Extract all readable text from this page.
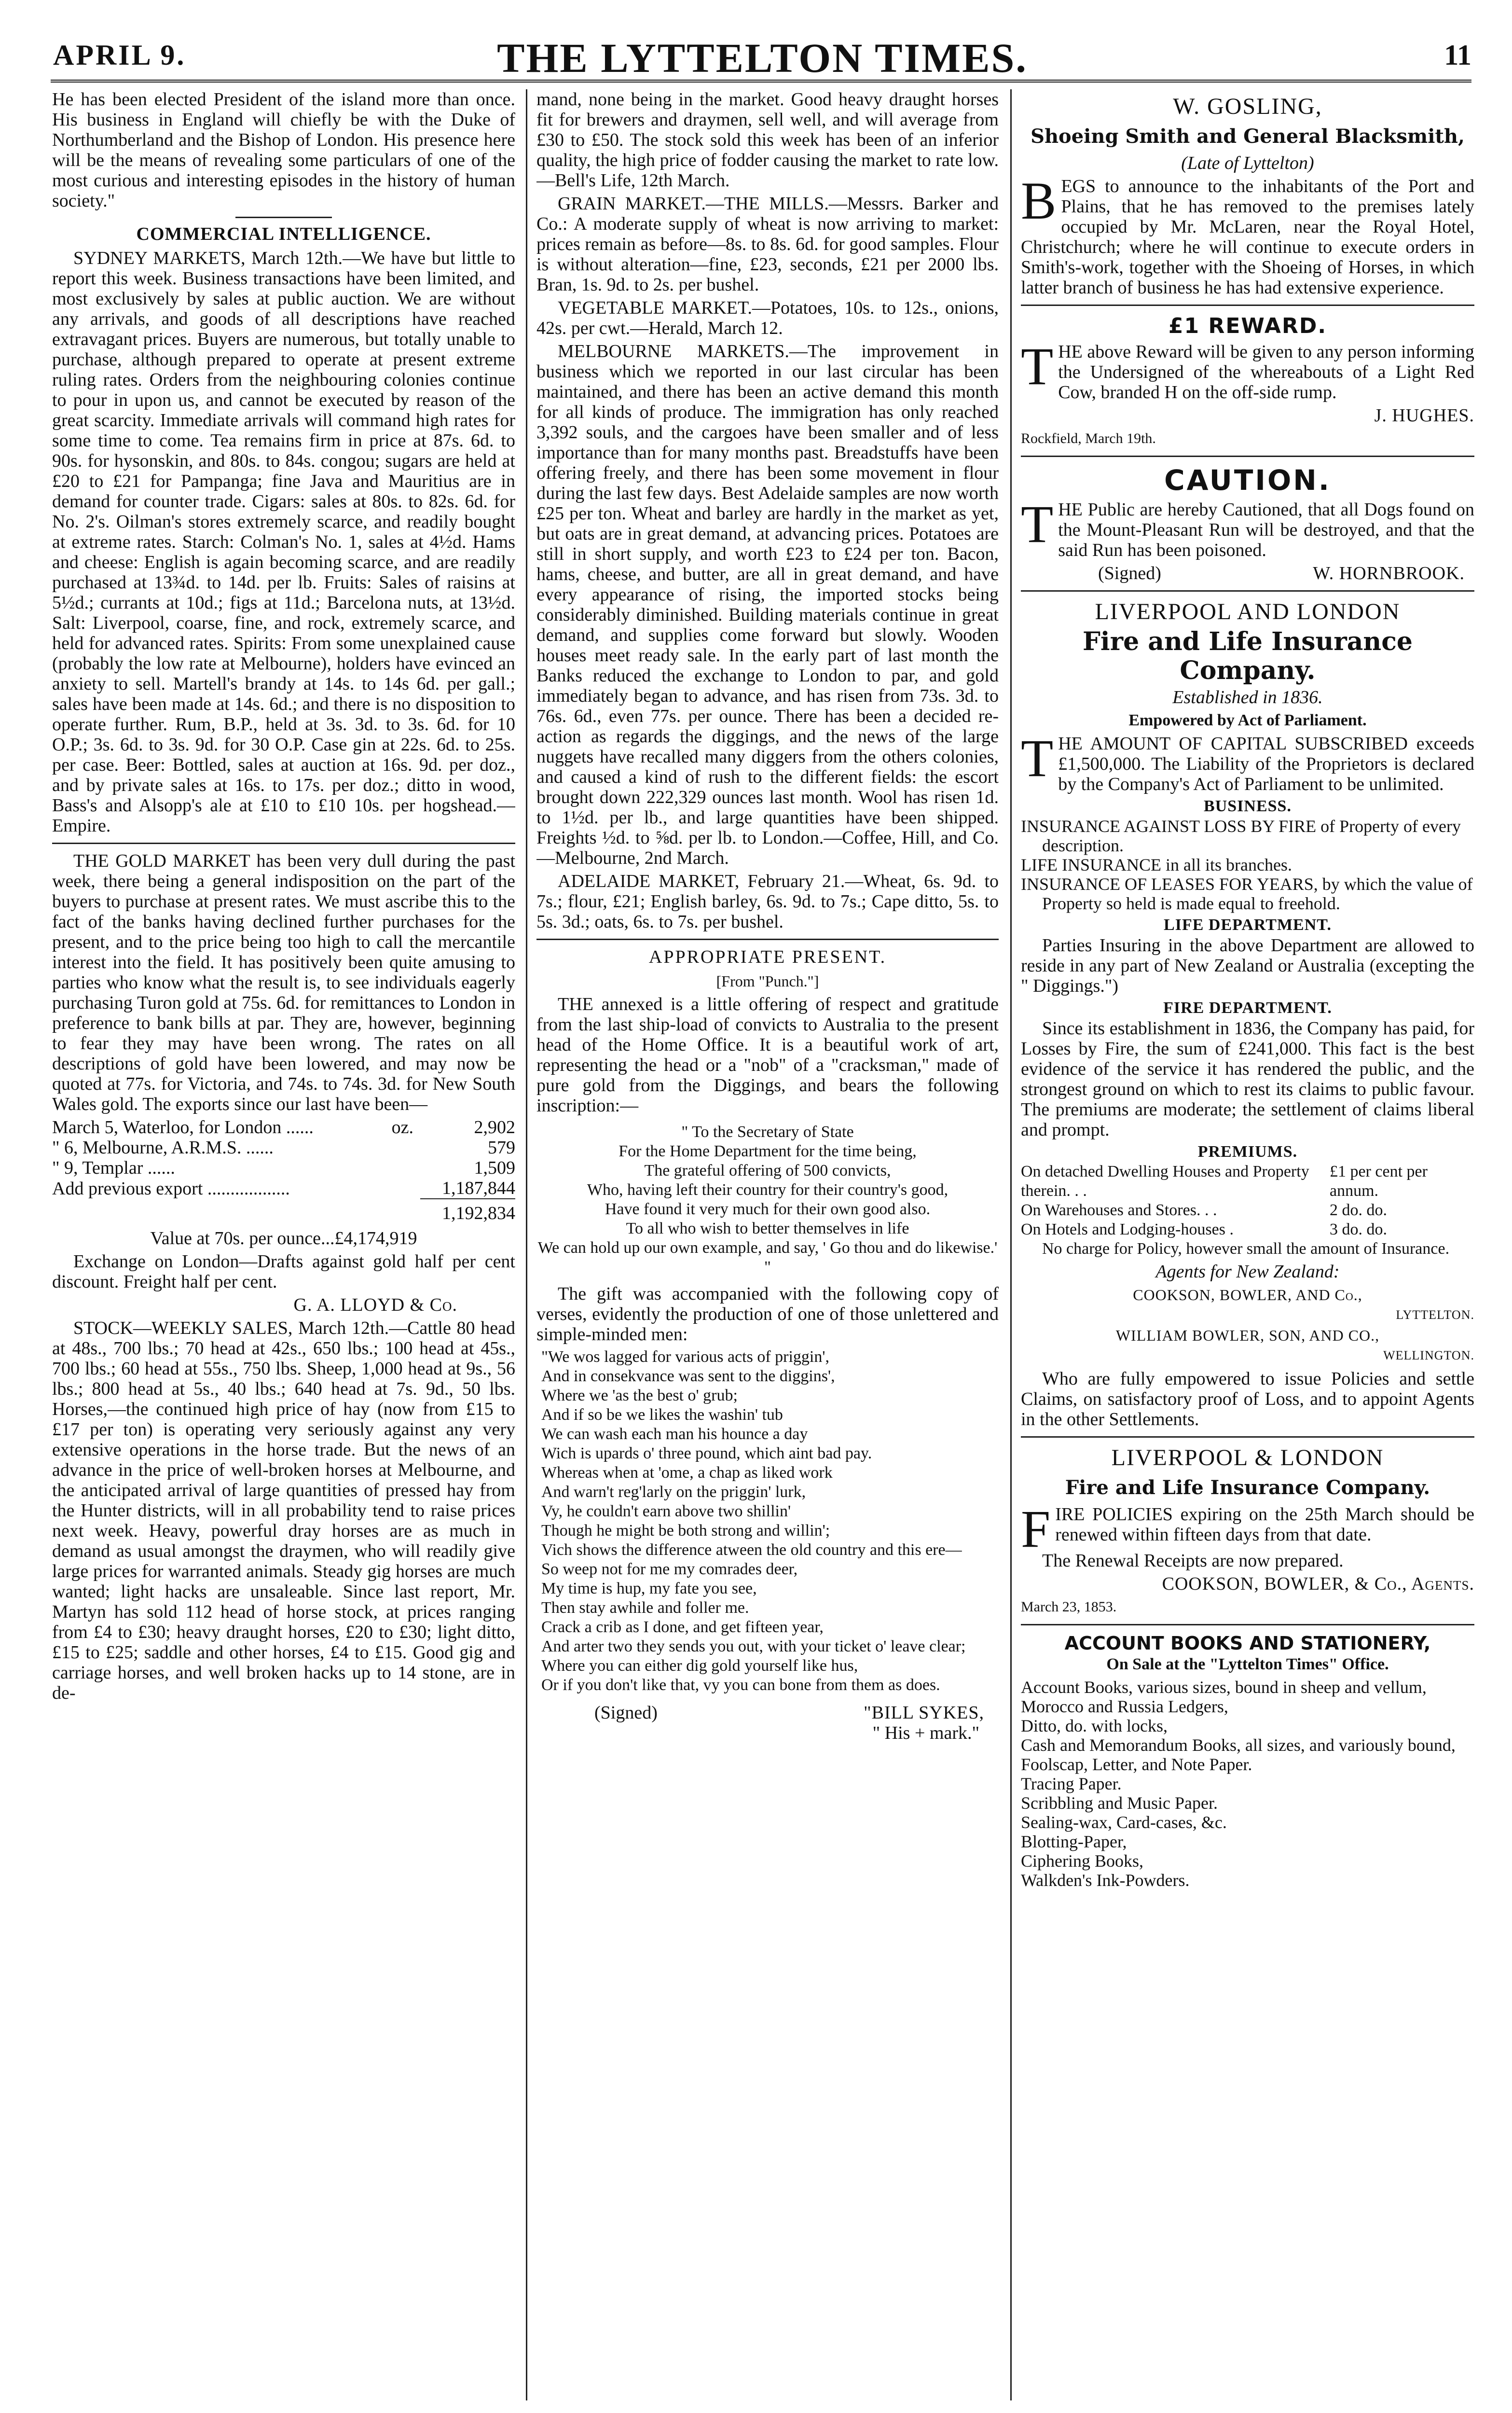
THE LYTTELTON TIMES.
APRIL 9.	11

He has been elected President of the island more than once. His business in England will chiefly be with the Duke of Northumberland and the Bishop of London. His presence here will be the means of revealing some particulars of one of the most curious and interesting episodes in the history of human society."

COMMERCIAL INTELLIGENCE.

SYDNEY MARKETS, March 12th.—We have but little to report this week. Business transactions have been limited, and most exclusively by sales at public auction. We are without any arrivals, and goods of all descriptions have reached extravagant prices. Buyers are numerous, but totally unable to purchase, although prepared to operate at present extreme ruling rates. Orders from the neighbouring colonies continue to pour in upon us, and cannot be executed by reason of the great scarcity. Immediate arrivals will command high rates for some time to come. Tea remains firm in price at 87s. 6d. to 90s. for hysonskin, and 80s. to 84s. congou; sugars are held at £20 to £21 for Pampanga; fine Java and Mauritius are in demand for counter trade. Cigars: sales at 80s. to 82s. 6d. for No. 2's. Oilman's stores extremely scarce, and readily bought at extreme rates. Starch: Colman's No. 1, sales at 4½d. Hams and cheese: English is again becoming scarce, and are readily purchased at 13¾d. to 14d. per lb. Fruits: Sales of raisins at 5½d.; currants at 10d.; figs at 11d.; Barcelona nuts, at 13½d. Salt: Liverpool, coarse, fine, and rock, extremely scarce, and held for advanced rates. Spirits: From some unexplained cause (probably the low rate at Melbourne), holders have evinced an anxiety to sell. Martell's brandy at 14s. to 14s 6d. per gall.; sales have been made at 14s. 6d.; and there is no disposition to operate further. Rum, B.P., held at 3s. 3d. to 3s. 6d. for 10 O.P.; 3s. 6d. to 3s. 9d. for 30 O.P. Case gin at 22s. 6d. to 25s. per case. Beer: Bottled, sales at auction at 16s. 9d. per doz., and by private sales at 16s. to 17s. per doz.; ditto in wood, Bass's and Alsopp's ale at £10 to £10 10s. per hogshead.—Empire.

THE GOLD MARKET has been very dull during the past week, there being a general indisposition on the part of the buyers to purchase at present rates. We must ascribe this to the fact of the banks having declined further purchases for the present, and to the price being too high to call the mercantile interest into the field. It has positively been quite amusing to parties who know what the result is, to see individuals eagerly purchasing Turon gold at 75s. 6d. for remittances to London in preference to bank bills at par. They are, however, beginning to fear they may have been wrong. The rates on all descriptions of gold have been lowered, and may now be quoted at 77s. for Victoria, and 74s. to 74s. 3d. for New South Wales gold. The exports since our last have been—

March 5, Waterloo, for London ......	oz.	2,902
" 6, Melbourne, A.R.M.S. ......		579
" 9, Templar ......		1,509
Add previous export ..................		1,187,844
		1,192,834

Value at 70s. per ounce...£4,174,919

Exchange on London—Drafts against gold half per cent discount. Freight half per cent.

G. A. LLOYD & Co.

STOCK—WEEKLY SALES, March 12th.—Cattle 80 head at 48s., 700 lbs.; 70 head at 42s., 650 lbs.; 100 head at 45s., 700 lbs.; 60 head at 55s., 750 lbs. Sheep, 1,000 head at 9s., 56 lbs.; 800 head at 5s., 40 lbs.; 640 head at 7s. 9d., 50 lbs. Horses,—the continued high price of hay (now from £15 to £17 per ton) is operating very seriously against any very extensive operations in the horse trade. But the news of an advance in the price of well-broken horses at Melbourne, and the anticipated arrival of large quantities of pressed hay from the Hunter districts, will in all probability tend to raise prices next week. Heavy, powerful dray horses are as much in demand as usual amongst the draymen, who will readily give large prices for warranted animals. Steady gig horses are much wanted; light hacks are unsaleable. Since last report, Mr. Martyn has sold 112 head of horse stock, at prices ranging from £4 to £30; heavy draught horses, £20 to £30; light ditto, £15 to £25; saddle and other horses, £4 to £15. Good gig and carriage horses, and well broken hacks up to 14 stone, are in de-

mand, none being in the market. Good heavy draught horses fit for brewers and draymen, sell well, and will average from £30 to £50. The stock sold this week has been of an inferior quality, the high price of fodder causing the market to rate low.—Bell's Life, 12th March.

GRAIN MARKET.—THE MILLS.—Messrs. Barker and Co.: A moderate supply of wheat is now arriving to market: prices remain as before—8s. to 8s. 6d. for good samples. Flour is without alteration—fine, £23, seconds, £21 per 2000 lbs. Bran, 1s. 9d. to 2s. per bushel.

VEGETABLE MARKET.—Potatoes, 10s. to 12s., onions, 42s. per cwt.—Herald, March 12.

MELBOURNE MARKETS.—The improvement in business which we reported in our last circular has been maintained, and there has been an active demand this month for all kinds of produce. The immigration has only reached 3,392 souls, and the cargoes have been smaller and of less importance than for many months past. Breadstuffs have been offering freely, and there has been some movement in flour during the last few days. Best Adelaide samples are now worth £25 per ton. Wheat and barley are hardly in the market as yet, but oats are in great demand, at advancing prices. Potatoes are still in short supply, and worth £23 to £24 per ton. Bacon, hams, cheese, and butter, are all in great demand, and have every appearance of rising, the imported stocks being considerably diminished. Building materials continue in great demand, and supplies come forward but slowly. Wooden houses meet ready sale. In the early part of last month the Banks reduced the exchange to London to par, and gold immediately began to advance, and has risen from 73s. 3d. to 76s. 6d., even 77s. per ounce. There has been a decided re-action as regards the diggings, and the news of the large nuggets have recalled many diggers from the others colonies, and caused a kind of rush to the different fields: the escort brought down 222,329 ounces last month. Wool has risen 1d. to 1½d. per lb., and large quantities have been shipped. Freights ½d. to ⅝d. per lb. to London.—Coffee, Hill, and Co.—Melbourne, 2nd March.

ADELAIDE MARKET, February 21.—Wheat, 6s. 9d. to 7s.; flour, £21; English barley, 6s. 9d. to 7s.; Cape ditto, 5s. to 5s. 3d.; oats, 6s. to 7s. per bushel.

APPROPRIATE PRESENT.

[From "Punch."]

THE annexed is a little offering of respect and gratitude from the last ship-load of convicts to Australia to the present head of the Home Office. It is a beautiful work of art, representing the head or a "nob" of a "cracksman," made of pure gold from the Diggings, and bears the following inscription:—

" To the Secretary of State
For the Home Department for the time being,
The grateful offering of 500 convicts,
Who, having left their country for their country's good,
Have found it very much for their own good also.
To all who wish to better themselves in life
We can hold up our own example, and say, ' Go thou and do likewise.' "

The gift was accompanied with the following copy of verses, evidently the production of one of those unlettered and simple-minded men:

"We wos lagged for various acts of priggin',
And in consekvance was sent to the diggins',
Where we 'as the best o' grub;
And if so be we likes the washin' tub
We can wash each man his hounce a day
Wich is upards o' three pound, which aint bad pay.
Whereas when at 'ome, a chap as liked work
And warn't reg'larly on the priggin' lurk,
Vy, he couldn't earn above two shillin'
Though he might be both strong and willin';
Vich shows the difference atween the old country and this ere—
So weep not for me my comrades deer,
My time is hup, my fate you see,
Then stay awhile and foller me.
Crack a crib as I done, and get fifteen year,
And arter two they sends you out, with your ticket o' leave clear;
Where you can either dig gold yourself like hus,
Or if you don't like that, vy you can bone from them as does.
(Signed)	"BILL SYKES,

" His + mark."

W. GOSLING,
Shoeing Smith and General Blacksmith,

(Late of Lyttelton)

BEGS to announce to the inhabitants of the Port and Plains, that he has removed to the premises lately occupied by Mr. McLaren, near the Royal Hotel, Christchurch; where he will continue to execute orders in Smith's-work, together with the Shoeing of Horses, in which latter branch of business he has had extensive experience.

£1 REWARD.

THE above Reward will be given to any person informing the Undersigned of the whereabouts of a Light Red Cow, branded H on the off-side rump.

J. HUGHES.

Rockfield, March 19th.

CAUTION.

THE Public are hereby Cautioned, that all Dogs found on the Mount-Pleasant Run will be destroyed, and that the said Run has been poisoned.

(Signed)	W. HORNBROOK.
LIVERPOOL AND LONDON
Fire and Life Insurance Company.

Established in 1836.

Empowered by Act of Parliament.

THE AMOUNT OF CAPITAL SUBSCRIBED exceeds £1,500,000. The Liability of the Proprietors is declared by the Company's Act of Parliament to be unlimited.

BUSINESS.
INSURANCE AGAINST LOSS BY FIRE of Property of every description.
LIFE INSURANCE in all its branches.
INSURANCE OF LEASES FOR YEARS, by which the value of Property so held is made equal to freehold.
LIFE DEPARTMENT.

Parties Insuring in the above Department are allowed to reside in any part of New Zealand or Australia (excepting the " Diggings.")

FIRE DEPARTMENT.

Since its establishment in 1836, the Company has paid, for Losses by Fire, the sum of £241,000. This fact is the best evidence of the service it has rendered the public, and the strongest ground on which to rest its claims to public favour. The premiums are moderate; the settlement of claims liberal and prompt.

PREMIUMS.
On detached Dwelling Houses and Property therein. . .	£1 per cent per annum.
On Warehouses and Stores. . .	2 do. do.
On Hotels and Lodging-houses .	3 do. do.

No charge for Policy, however small the amount of Insurance.

Agents for New Zealand:

COOKSON, BOWLER, AND Co.,

LYTTELTON.

WILLIAM BOWLER, SON, AND CO.,

WELLINGTON.

Who are fully empowered to issue Policies and settle Claims, on satisfactory proof of Loss, and to appoint Agents in the other Settlements.

LIVERPOOL & LONDON
Fire and Life Insurance Company.

FIRE POLICIES expiring on the 25th March should be renewed within fifteen days from that date.

The Renewal Receipts are now prepared.

COOKSON, BOWLER, & Co., Agents.

March 23, 1853.

ACCOUNT BOOKS AND STATIONERY,

On Sale at the "Lyttelton Times" Office.

Account Books, various sizes, bound in sheep and vellum,
Morocco and Russia Ledgers,
Ditto, do. with locks,
Cash and Memorandum Books, all sizes, and variously bound,
Foolscap, Letter, and Note Paper.
Tracing Paper.
Scribbling and Music Paper.
Sealing-wax, Card-cases, &c.
Blotting-Paper,
Ciphering Books,
Walkden's Ink-Powders.
